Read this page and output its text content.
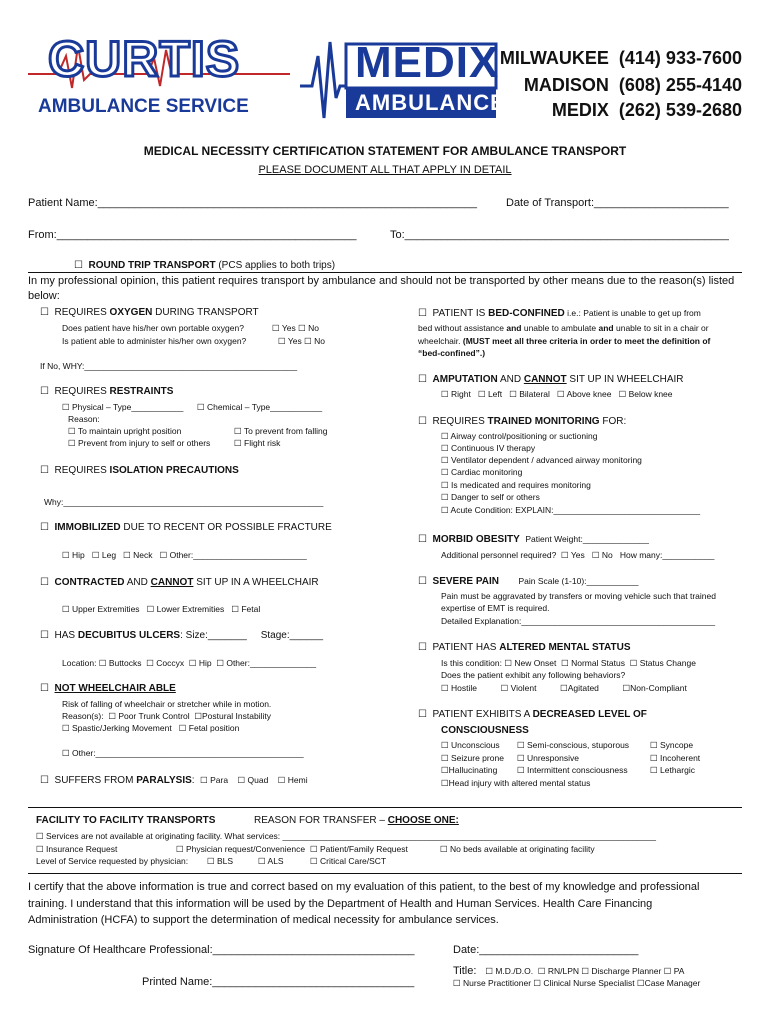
CURTIS
AMBULANCE SERVICE
MEDIX
AMBULANCE
MILWAUKEE (414) 933-7600
MADISON (608) 255-4140
MEDIX (262) 539-2680
MEDICAL NECESSITY CERTIFICATION STATEMENT FOR AMBULANCE TRANSPORT
PLEASE DOCUMENT ALL THAT APPLY IN DETAIL
Patient Name:______________________________________________________________	Date of Transport:______________________
From:_________________________________________________	To:_____________________________________________________
☐   ROUND TRIP TRANSPORT (PCS applies to both trips)
In my professional opinion, this patient requires transport by ambulance and should not be transported by other means due to the reason(s) listed below:
☐   REQUIRES OXYGEN DURING TRANSPORT
Does patient have his/her own portable oxygen? ☐	Yes ☐ No
Is patient able to administer his/her own oxygen? ☐	Yes ☐ No
If No, WHY:_____________________________________________
☐   REQUIRES RESTRAINTS
☐ Physical – Type___________ ☐	Chemical – Type___________
Reason:
☐ To maintain upright position ☐	To prevent from falling
☐ Prevent from injury to self or others ☐	Flight risk
☐   REQUIRES ISOLATION PRECAUTIONS
Why:_______________________________________________________
☐   IMMOBILIZED DUE TO RECENT OR POSSIBLE FRACTURE
☐ Hip ☐ Leg ☐ Neck ☐ Other:________________________
☐   CONTRACTED AND CANNOT SIT UP IN A WHEELCHAIR
☐ Upper Extremities ☐ Lower Extremities ☐ Fetal
☐   HAS DECUBITUS ULCERS: Size:_______ Stage:______
Location: ☐ Buttocks ☐ Coccyx ☐ Hip ☐ Other:______________
☐   NOT WHEELCHAIR ABLE
Risk of falling of wheelchair or stretcher while in motion.
Reason(s): ☐ Poor Trunk Control ☐ Postural Instability
☐ Spastic/Jerking Movement ☐ Fetal position
☐ Other:____________________________________________
☐   SUFFERS FROM PARALYSIS: ☐ Para ☐ Quad ☐ Hemi
☐   PATIENT IS BED-CONFINED i.e.: Patient is unable to get up from
bed without assistance and unable to ambulate and unable to sit in a chair or
wheelchair. (MUST meet all three criteria in order to meet the definition of
“bed-confined”.)
☐   AMPUTATION AND CANNOT SIT UP IN WHEELCHAIR
☐ Right ☐ Left ☐ Bilateral ☐ Above knee ☐ Below knee
☐   REQUIRES TRAINED MONITORING FOR:
☐ Airway control/positioning or suctioning
☐ Continuous IV therapy
☐ Ventilator dependent / advanced airway monitoring
☐ Cardiac monitoring
☐ Is medicated and requires monitoring
☐ Danger to self or others
☐ Acute Condition: EXPLAIN:_______________________________
☐   MORBID OBESITY Patient Weight:______________
Additional personnel required? ☐ Yes ☐ No How many:___________
☐   SEVERE PAIN Pain Scale (1-10):___________
Pain must be aggravated by transfers or moving vehicle such that trained
expertise of EMT is required.
Detailed Explanation:_________________________________________
☐   PATIENT HAS ALTERED MENTAL STATUS
Is this condition: ☐ New Onset ☐ Normal Status ☐ Status Change
Does the patient exhibit any following behaviors?
☐ Hostile ☐	Violent ☐	Agitated ☐	Non-Compliant
☐   PATIENT EXHIBITS A DECREASED LEVEL OF
CONSCIOUSNESS
☐ Unconscious ☐	Semi-conscious, stuporous ☐	Syncope
☐ Seizure prone ☐	Unresponsive ☐	Incoherent
☐ Hallucinating ☐	Intermittent consciousness ☐	Lethargic
☐ Head injury with altered mental status
FACILITY TO FACILITY TRANSPORTS	REASON FOR TRANSFER – CHOOSE ONE:
☐ Services are not available at originating facility. What services: _______________________________________________________________________________
☐ Insurance Request ☐	Physician request/Convenience ☐	Patient/Family Request ☐	No beds available at originating facility
Level of Service requested by physician: ☐	BLS ☐	ALS ☐	Critical Care/SCT
I certify that the above information is true and correct based on my evaluation of this patient, to the best of my knowledge and professional
training. I understand that this information will be used by the Department of Health and Human Services. Health Care Financing
Administration (HCFA) to support the determination of medical necessity for ambulance services.
Signature Of Healthcare Professional:_________________________________	Date:__________________________
Printed Name:_________________________________
Title: ☐ M.D./D.O. ☐ RN/LPN ☐ Discharge Planner ☐ PA
☐ Nurse Practitioner ☐ Clinical Nurse Specialist ☐ Case Manager
